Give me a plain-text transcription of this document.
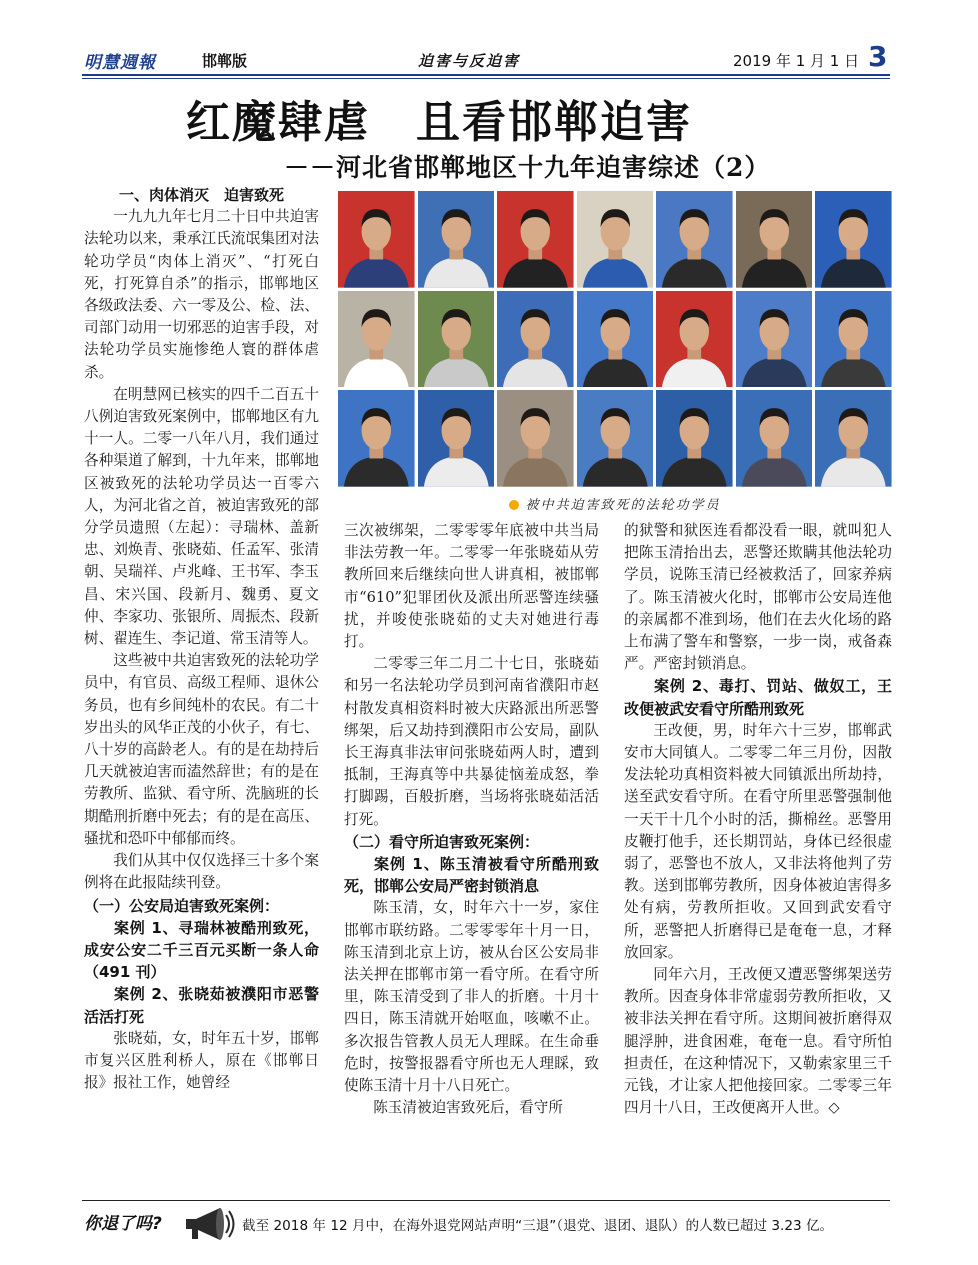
明慧週報	邯郸版	迫害与反迫害	2019 年 1 月 1 日 3
红魔肆虐　且看邯郸迫害
－－河北省邯郸地区十九年迫害综述（2）

一、肉体消灭　迫害致死

一九九九年七月二十日中共迫害法轮功以来，秉承江氏流氓集团对法轮功学员“肉体上消灭”、“打死白死，打死算自杀”的指示，邯郸地区各级政法委、六一零及公、检、法、司部门动用一切邪恶的迫害手段，对法轮功学员实施惨绝人寰的群体虐杀。

在明慧网已核实的四千二百五十八例迫害致死案例中，邯郸地区有九十一人。二零一八年八月，我们通过各种渠道了解到，十九年来，邯郸地区被致死的法轮功学员达一百零六人，为河北省之首，被迫害致死的部分学员遗照（左起）：寻瑞林、盖新忠、刘焕青、张晓茹、任孟军、张清朝、吴瑞祥、卢兆峰、王书军、李玉昌、宋兴国、段新月、魏勇、夏文仲、李家功、张银所、周振杰、段新树、翟连生、李记道、常玉清等人。

这些被中共迫害致死的法轮功学员中，有官员、高级工程师、退休公务员，也有乡间纯朴的农民。有二十岁出头的风华正茂的小伙子，有七、八十岁的高龄老人。有的是在劫持后几天就被迫害而溘然辞世；有的是在劳教所、监狱、看守所、洗脑班的长期酷刑折磨中死去；有的是在高压、骚扰和恐吓中郁郁而终。

我们从其中仅仅选择三十多个案例将在此报陆续刊登。

（一）公安局迫害致死案例：

案例 1、寻瑞林被酷刑致死，成安公安二千三百元买断一条人命（491 刊）

案例 2、张晓茹被濮阳市恶警活活打死

张晓茹，女，时年五十岁，邯郸市复兴区胜利桥人，原在《邯郸日报》报社工作，她曾经

被中共迫害致死的法轮功学员

三次被绑架，二零零零年底被中共当局非法劳教一年。二零零一年张晓茹从劳教所回来后继续向世人讲真相，被邯郸市“610”犯罪团伙及派出所恶警连续骚扰，并唆使张晓茹的丈夫对她进行毒打。

二零零三年二月二十七日，张晓茹和另一名法轮功学员到河南省濮阳市赵村散发真相资料时被大庆路派出所恶警绑架，后又劫持到濮阳市公安局，副队长王海真非法审问张晓茹两人时，遭到抵制，王海真等中共暴徒恼羞成怒，拳打脚踢，百般折磨，当场将张晓茹活活打死。

（二）看守所迫害致死案例：

案例 1、陈玉清被看守所酷刑致死，邯郸公安局严密封锁消息

陈玉清，女，时年六十一岁，家住邯郸市联纺路。二零零零年十月一日，陈玉清到北京上访，被从台区公安局非法关押在邯郸市第一看守所。在看守所里，陈玉清受到了非人的折磨。十月十四日，陈玉清就开始呕血，咳嗽不止。多次报告管教人员无人理睬。在生命垂危时，按警报器看守所也无人理睬，致使陈玉清十月十八日死亡。

陈玉清被迫害致死后，看守所

的狱警和狱医连看都没看一眼，就叫犯人把陈玉清抬出去，恶警还欺瞒其他法轮功学员，说陈玉清已经被救活了，回家养病了。陈玉清被火化时，邯郸市公安局连他的亲属都不准到场，他们在去火化场的路上布满了警车和警察，一步一岗，戒备森严。严密封锁消息。

案例 2、毒打、罚站、做奴工，王改便被武安看守所酷刑致死

王改便，男，时年六十三岁，邯郸武安市大同镇人。二零零二年三月份，因散发法轮功真相资料被大同镇派出所劫持，送至武安看守所。在看守所里恶警强制他一天干十几个小时的活，撕棉丝。恶警用皮鞭打他手，还长期罚站，身体已经很虚弱了，恶警也不放人，又非法将他判了劳教。送到邯郸劳教所，因身体被迫害得多处有病，劳教所拒收。又回到武安看守所，恶警把人折磨得已是奄奄一息，才释放回家。

同年六月，王改便又遭恶警绑架送劳教所。因查身体非常虚弱劳教所拒收，又被非法关押在看守所。这期间被折磨得双腿浮肿，进食困难，奄奄一息。看守所怕担责任，在这种情况下，又勒索家里三千元钱，才让家人把他接回家。二零零三年四月十八日，王改便离开人世。◇

你退了吗?	截至 2018 年 12 月中，在海外退党网站声明“三退”（退党、退团、退队）的人数已超过 3.23 亿。
